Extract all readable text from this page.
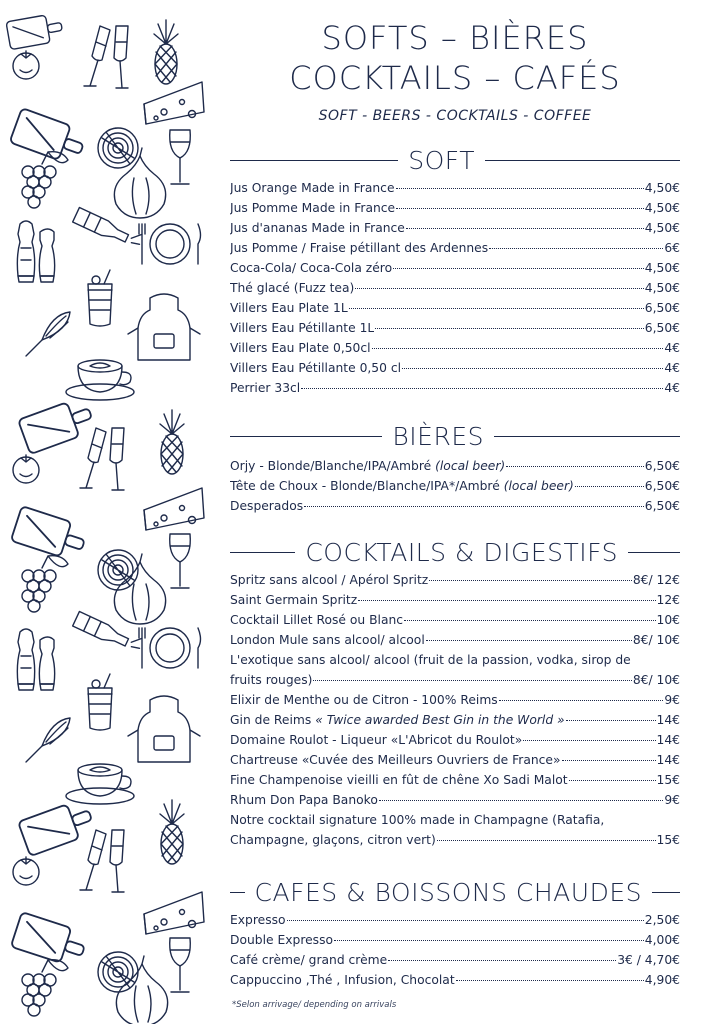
SOFTS – BIÈRES
COCKTAILS – CAFÉS
SOFT - BEERS - COCKTAILS - COFFEE
SOFT
Jus Orange Made in France	4,50€
Jus Pomme Made in France	4,50€
Jus d'ananas Made in France	4,50€
Jus Pomme / Fraise pétillant des Ardennes	6€
Coca-Cola/ Coca-Cola zéro	4,50€
Thé glacé (Fuzz tea)	4,50€
Villers Eau Plate 1L	6,50€
Villers Eau Pétillante 1L	6,50€
Villers Eau Plate 0,50cl	4€
Villers Eau Pétillante 0,50 cl	4€
Perrier 33cl	4€
BIÈRES
Orjy - Blonde/Blanche/IPA/Ambré (local beer)	6,50€
Tête de Choux - Blonde/Blanche/IPA*/Ambré (local beer)	6,50€
Desperados	6,50€
COCKTAILS & DIGESTIFS
Spritz sans alcool / Apérol Spritz	8€/ 12€
Saint Germain Spritz	12€
Cocktail Lillet Rosé ou Blanc	10€
London Mule sans alcool/ alcool	8€/ 10€
L'exotique sans alcool/ alcool (fruit de la passion, vodka, sirop de
fruits rouges)	8€/ 10€
Elixir de Menthe ou de Citron - 100% Reims	9€
Gin de Reims « Twice awarded Best Gin in the World »	14€
Domaine Roulot - Liqueur «L'Abricot du Roulot»	14€
Chartreuse «Cuvée des Meilleurs Ouvriers de France»	14€
Fine Champenoise vieilli en fût de chêne Xo Sadi Malot	15€
Rhum Don Papa Banoko	9€
Notre cocktail signature 100% made in Champagne (Ratafia,
Champagne, glaçons, citron vert)	15€
CAFES & BOISSONS CHAUDES
Expresso	2,50€
Double Expresso	4,00€
Café crème/ grand crème	3€ / 4,70€
Cappuccino ,Thé , Infusion, Chocolat	4,90€
*Selon arrivage/ depending on arrivals
